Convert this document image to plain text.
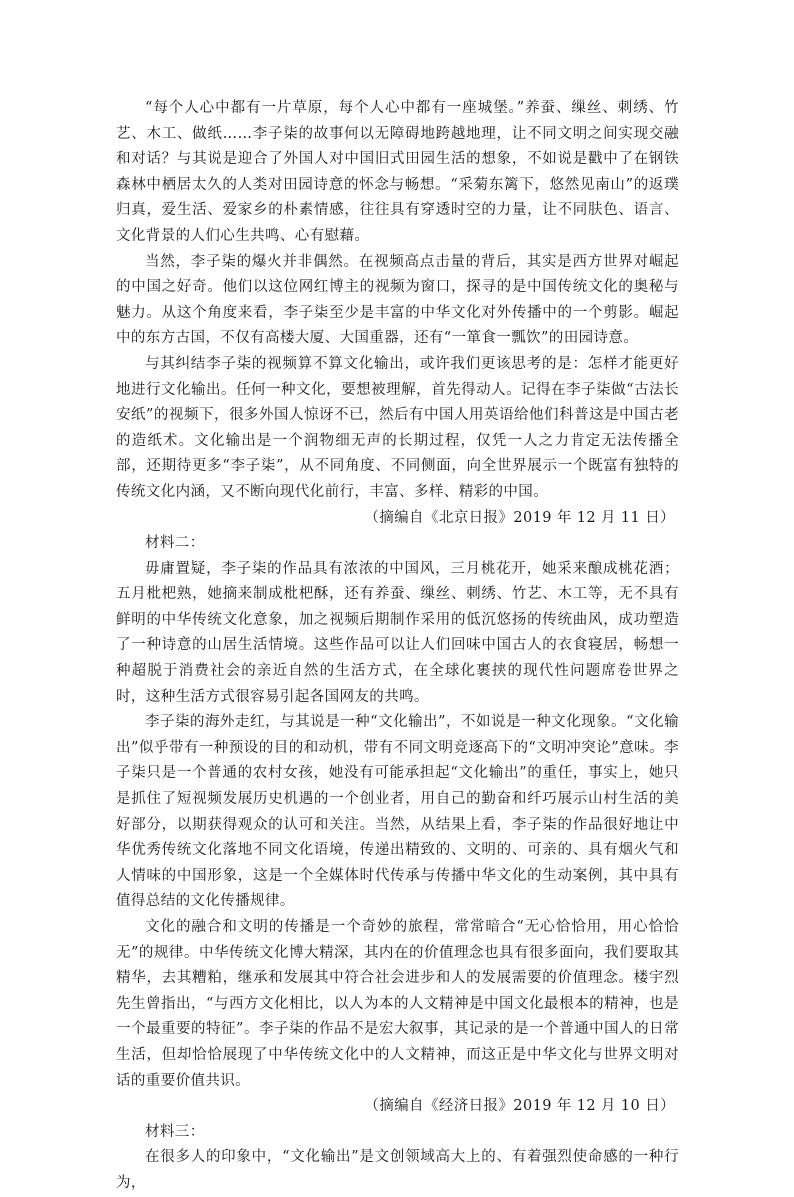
“每个人心中都有一片草原，每个人心中都有一座城堡。”养蚕、缫丝、刺绣、竹艺、木工、做纸……李子柒的故事何以无障碍地跨越地理，让不同文明之间实现交融和对话？与其说是迎合了外国人对中国旧式田园生活的想象，不如说是戳中了在钢铁森林中栖居太久的人类对田园诗意的怀念与畅想。“采菊东篱下，悠然见南山”的返璞归真，爱生活、爱家乡的朴素情感，往往具有穿透时空的力量，让不同肤色、语言、文化背景的人们心生共鸣、心有慰藉。

当然，李子柒的爆火并非偶然。在视频高点击量的背后，其实是西方世界对崛起的中国之好奇。他们以这位网红博主的视频为窗口，探寻的是中国传统文化的奥秘与魅力。从这个角度来看，李子柒至少是丰富的中华文化对外传播中的一个剪影。崛起中的东方古国，不仅有高楼大厦、大国重器，还有“一箪食一瓢饮”的田园诗意。

与其纠结李子柒的视频算不算文化输出，或许我们更该思考的是：怎样才能更好地进行文化输出。任何一种文化，要想被理解，首先得动人。记得在李子柒做“古法长安纸”的视频下，很多外国人惊讶不已，然后有中国人用英语给他们科普这是中国古老的造纸术。文化输出是一个润物细无声的长期过程，仅凭一人之力肯定无法传播全部，还期待更多“李子柒”，从不同角度、不同侧面，向全世界展示一个既富有独特的传统文化内涵，又不断向现代化前行，丰富、多样、精彩的中国。

（摘编自《北京日报》2019 年 12 月 11 日）

材料二：

毋庸置疑，李子柒的作品具有浓浓的中国风，三月桃花开，她采来酿成桃花酒；五月枇杷熟，她摘来制成枇杷酥，还有养蚕、缫丝、刺绣、竹艺、木工等，无不具有鲜明的中华传统文化意象，加之视频后期制作采用的低沉悠扬的传统曲风，成功塑造了一种诗意的山居生活情境。这些作品可以让人们回味中国古人的衣食寝居，畅想一种超脱于消费社会的亲近自然的生活方式，在全球化裹挟的现代性问题席卷世界之时，这种生活方式很容易引起各国网友的共鸣。

李子柒的海外走红，与其说是一种“文化输出”，不如说是一种文化现象。“文化输出”似乎带有一种预设的目的和动机，带有不同文明竞逐高下的“文明冲突论”意味。李子柒只是一个普通的农村女孩，她没有可能承担起“文化输出”的重任，事实上，她只是抓住了短视频发展历史机遇的一个创业者，用自己的勤奋和纤巧展示山村生活的美好部分，以期获得观众的认可和关注。当然，从结果上看，李子柒的作品很好地让中华优秀传统文化落地不同文化语境，传递出精致的、文明的、可亲的、具有烟火气和人情味的中国形象，这是一个全媒体时代传承与传播中华文化的生动案例，其中具有值得总结的文化传播规律。

文化的融合和文明的传播是一个奇妙的旅程，常常暗合“无心恰恰用，用心恰恰无”的规律。中华传统文化博大精深，其内在的价值理念也具有很多面向，我们要取其精华，去其糟粕，继承和发展其中符合社会进步和人的发展需要的价值理念。楼宇烈先生曾指出，“与西方文化相比，以人为本的人文精神是中国文化最根本的精神，也是一个最重要的特征”。李子柒的作品不是宏大叙事，其记录的是一个普通中国人的日常生活，但却恰恰展现了中华传统文化中的人文精神，而这正是中华文化与世界文明对话的重要价值共识。

（摘编自《经济日报》2019 年 12 月 10 日）

材料三：

在很多人的印象中，“文化输出”是文创领域高大上的、有着强烈使命感的一种行为，
